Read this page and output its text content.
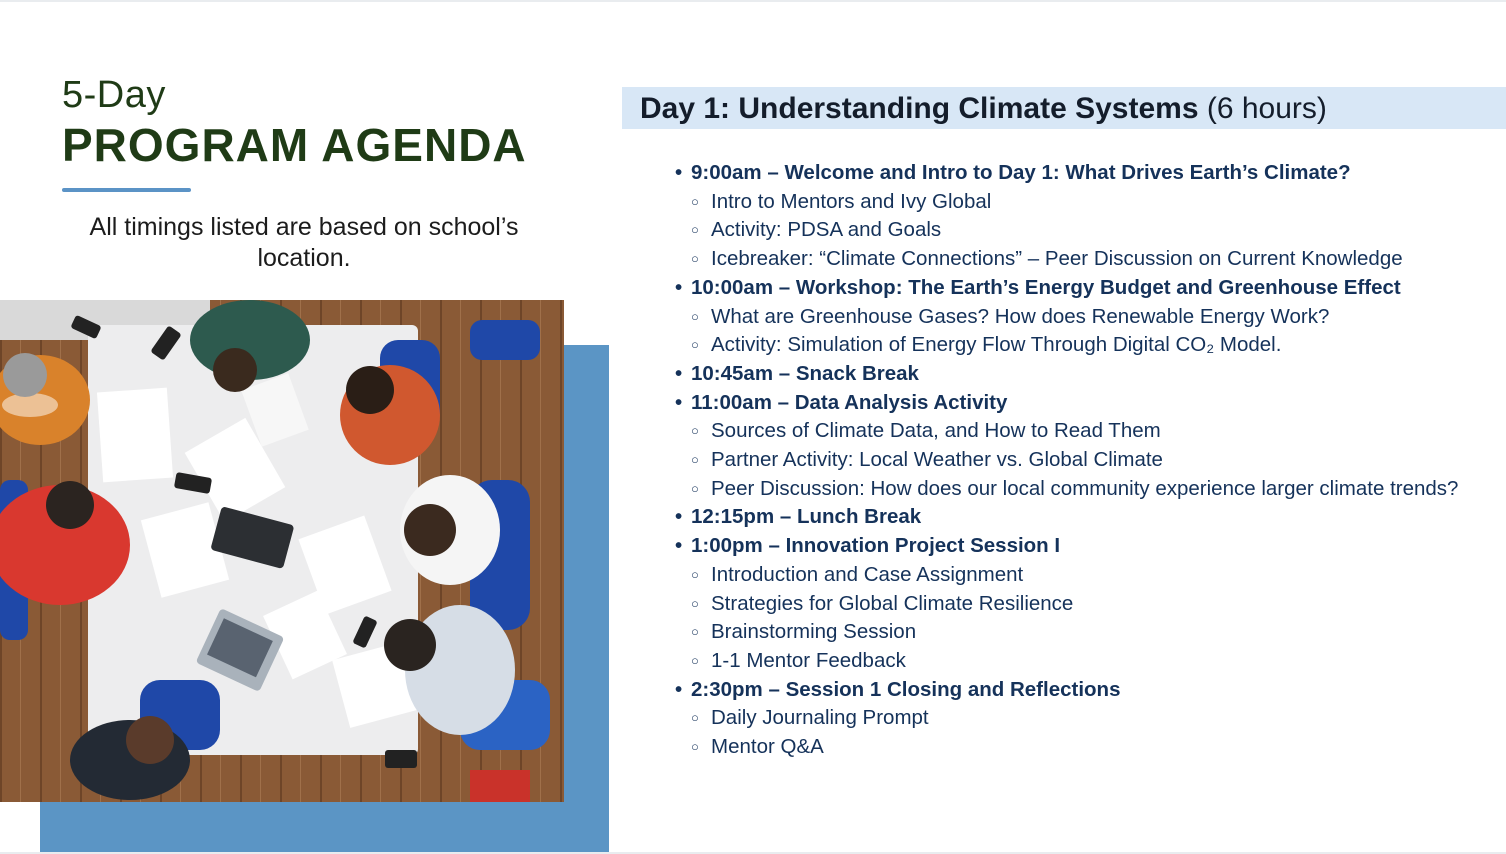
5-Day
PROGRAM AGENDA
All timings listed are based on school’s location.
Day 1: Understanding Climate Systems (6 hours)
• 9:00am – Welcome and Intro to Day 1: What Drives Earth’s Climate?
○ Intro to Mentors and Ivy Global
○ Activity: PDSA and Goals
○ Icebreaker: “Climate Connections” – Peer Discussion on Current Knowledge
• 10:00am – Workshop: The Earth’s Energy Budget and Greenhouse Effect
○ What are Greenhouse Gases? How does Renewable Energy Work?
○ Activity: Simulation of Energy Flow Through Digital CO₂ Model.
• 10:45am – Snack Break
• 11:00am – Data Analysis Activity
○ Sources of Climate Data, and How to Read Them
○ Partner Activity: Local Weather vs. Global Climate
○ Peer Discussion: How does our local community experience larger climate trends?
• 12:15pm – Lunch Break
• 1:00pm – Innovation Project Session I
○ Introduction and Case Assignment
○ Strategies for Global Climate Resilience
○ Brainstorming Session
○ 1-1 Mentor Feedback
• 2:30pm – Session 1 Closing and Reflections
○ Daily Journaling Prompt
○ Mentor Q&A
